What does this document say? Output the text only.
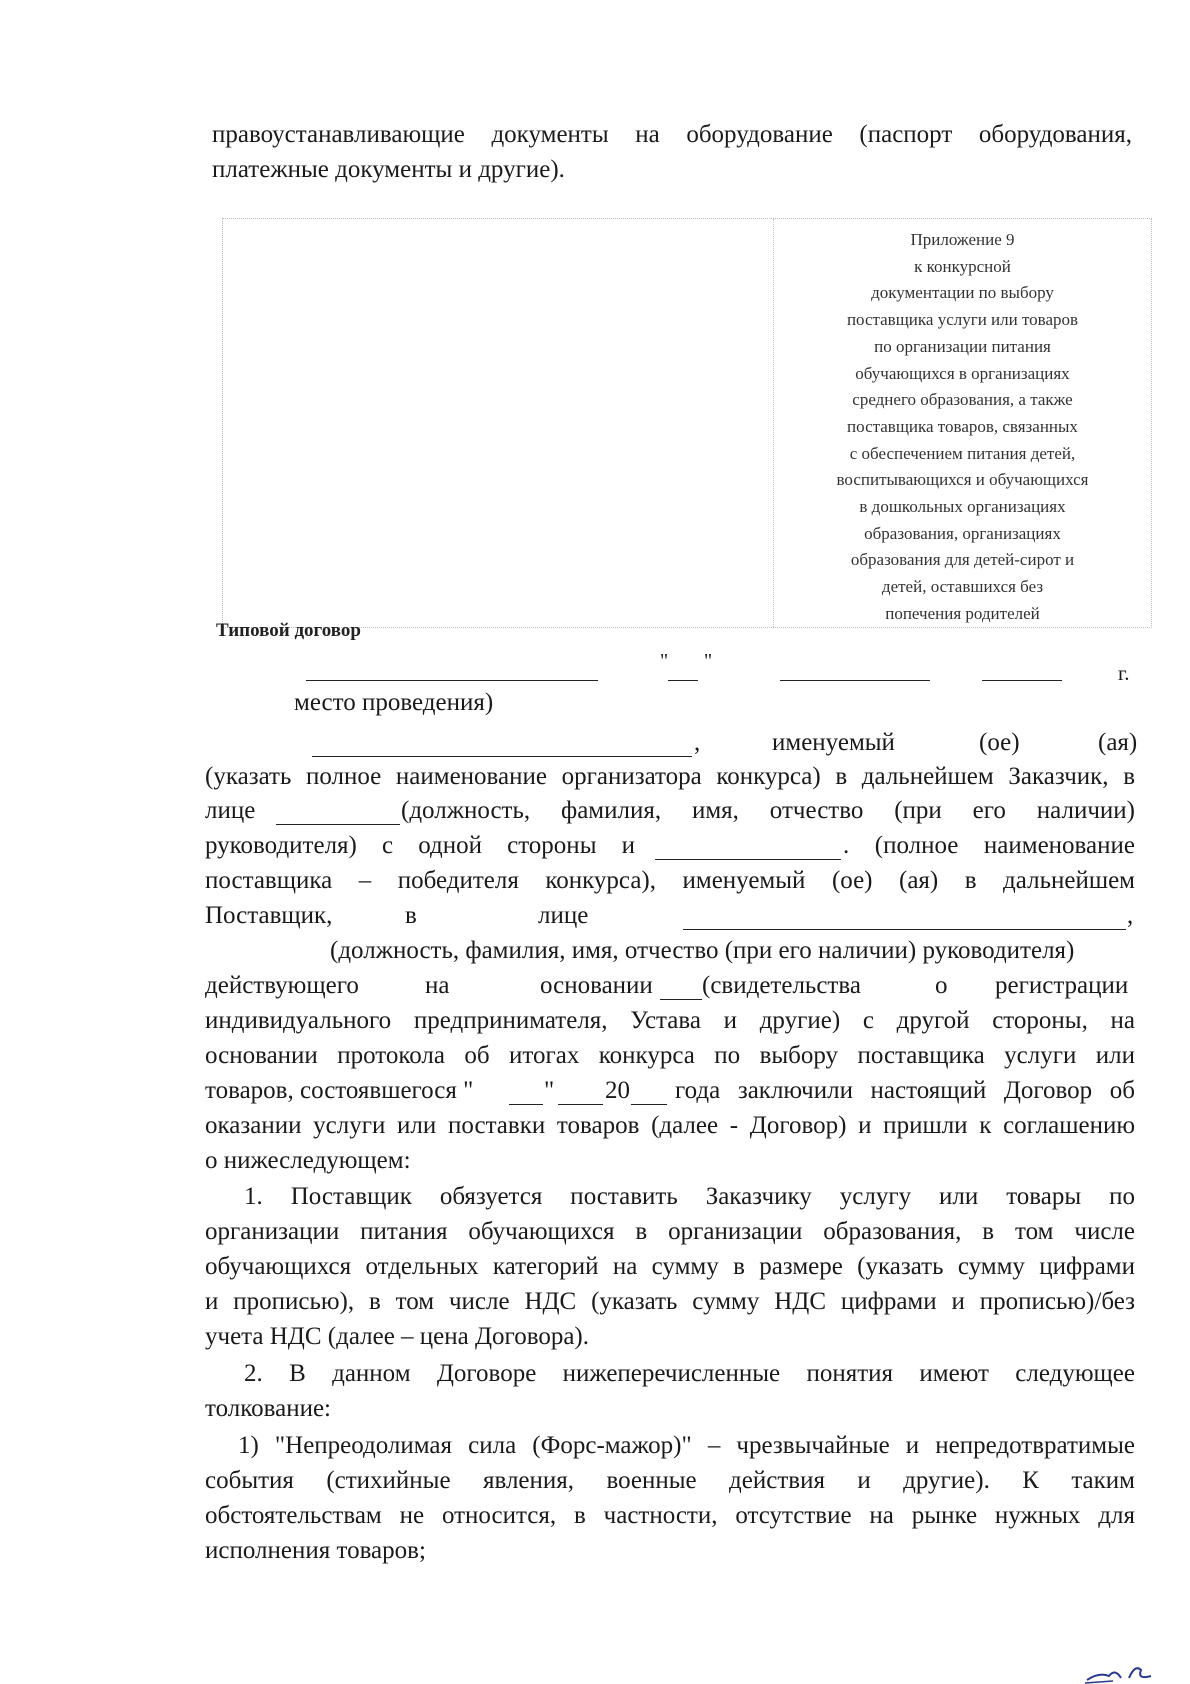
правоустанавливающие документы на оборудование (паспорт оборудования,
платежные документы и другие).
Приложение 9
к конкурсной
документации по выбору
поставщика услуги или товаров
по организации питания
обучающихся в организациях
среднего образования, а также
поставщика товаров, связанных
с обеспечением питания детей,
воспитывающихся и обучающихся
в дошкольных организациях
образования, организациях
образования для детей-сирот и
детей, оставшихся без
попечения родителей
Типовой договор
" "	г.
место проведения)
,	именуемый	(ое)	(ая)
(указать полное наименование организатора конкурса) в дальнейшем Заказчик, в
лице	(должность, фамилия, имя, отчество (при его наличии)
руководителя) с одной стороны и	. (полное наименование
поставщика – победителя конкурса), именуемый (ое) (ая) в дальнейшем
Поставщик,	в	лице	,
(должность, фамилия, имя, отчество (при его наличии) руководителя)
действующего	на	основании (свидетельства	о регистрации
индивидуального предпринимателя, Устава и другие) с другой стороны, на
основании протокола об итогах конкурса по выбору поставщика услуги или
товаров, состоявшегося "	" 20 года заключили настоящий Договор об
оказании услуги или поставки товаров (далее - Договор) и пришли к соглашению
о нижеследующем:
1. Поставщик обязуется поставить Заказчику услугу или товары по
организации питания обучающихся в организации образования, в том числе
обучающихся отдельных категорий на сумму в размере (указать сумму цифрами
и прописью), в том числе НДС (указать сумму НДС цифрами и прописью)/без
учета НДС (далее – цена Договора).
2. В данном Договоре нижеперечисленные понятия имеют следующее
толкование:
1) "Непреодолимая сила (Форс-мажор)" – чрезвычайные и непредотвратимые
события (стихийные явления, военные действия и другие). К таким
обстоятельствам не относится, в частности, отсутствие на рынке нужных для
исполнения товаров;
